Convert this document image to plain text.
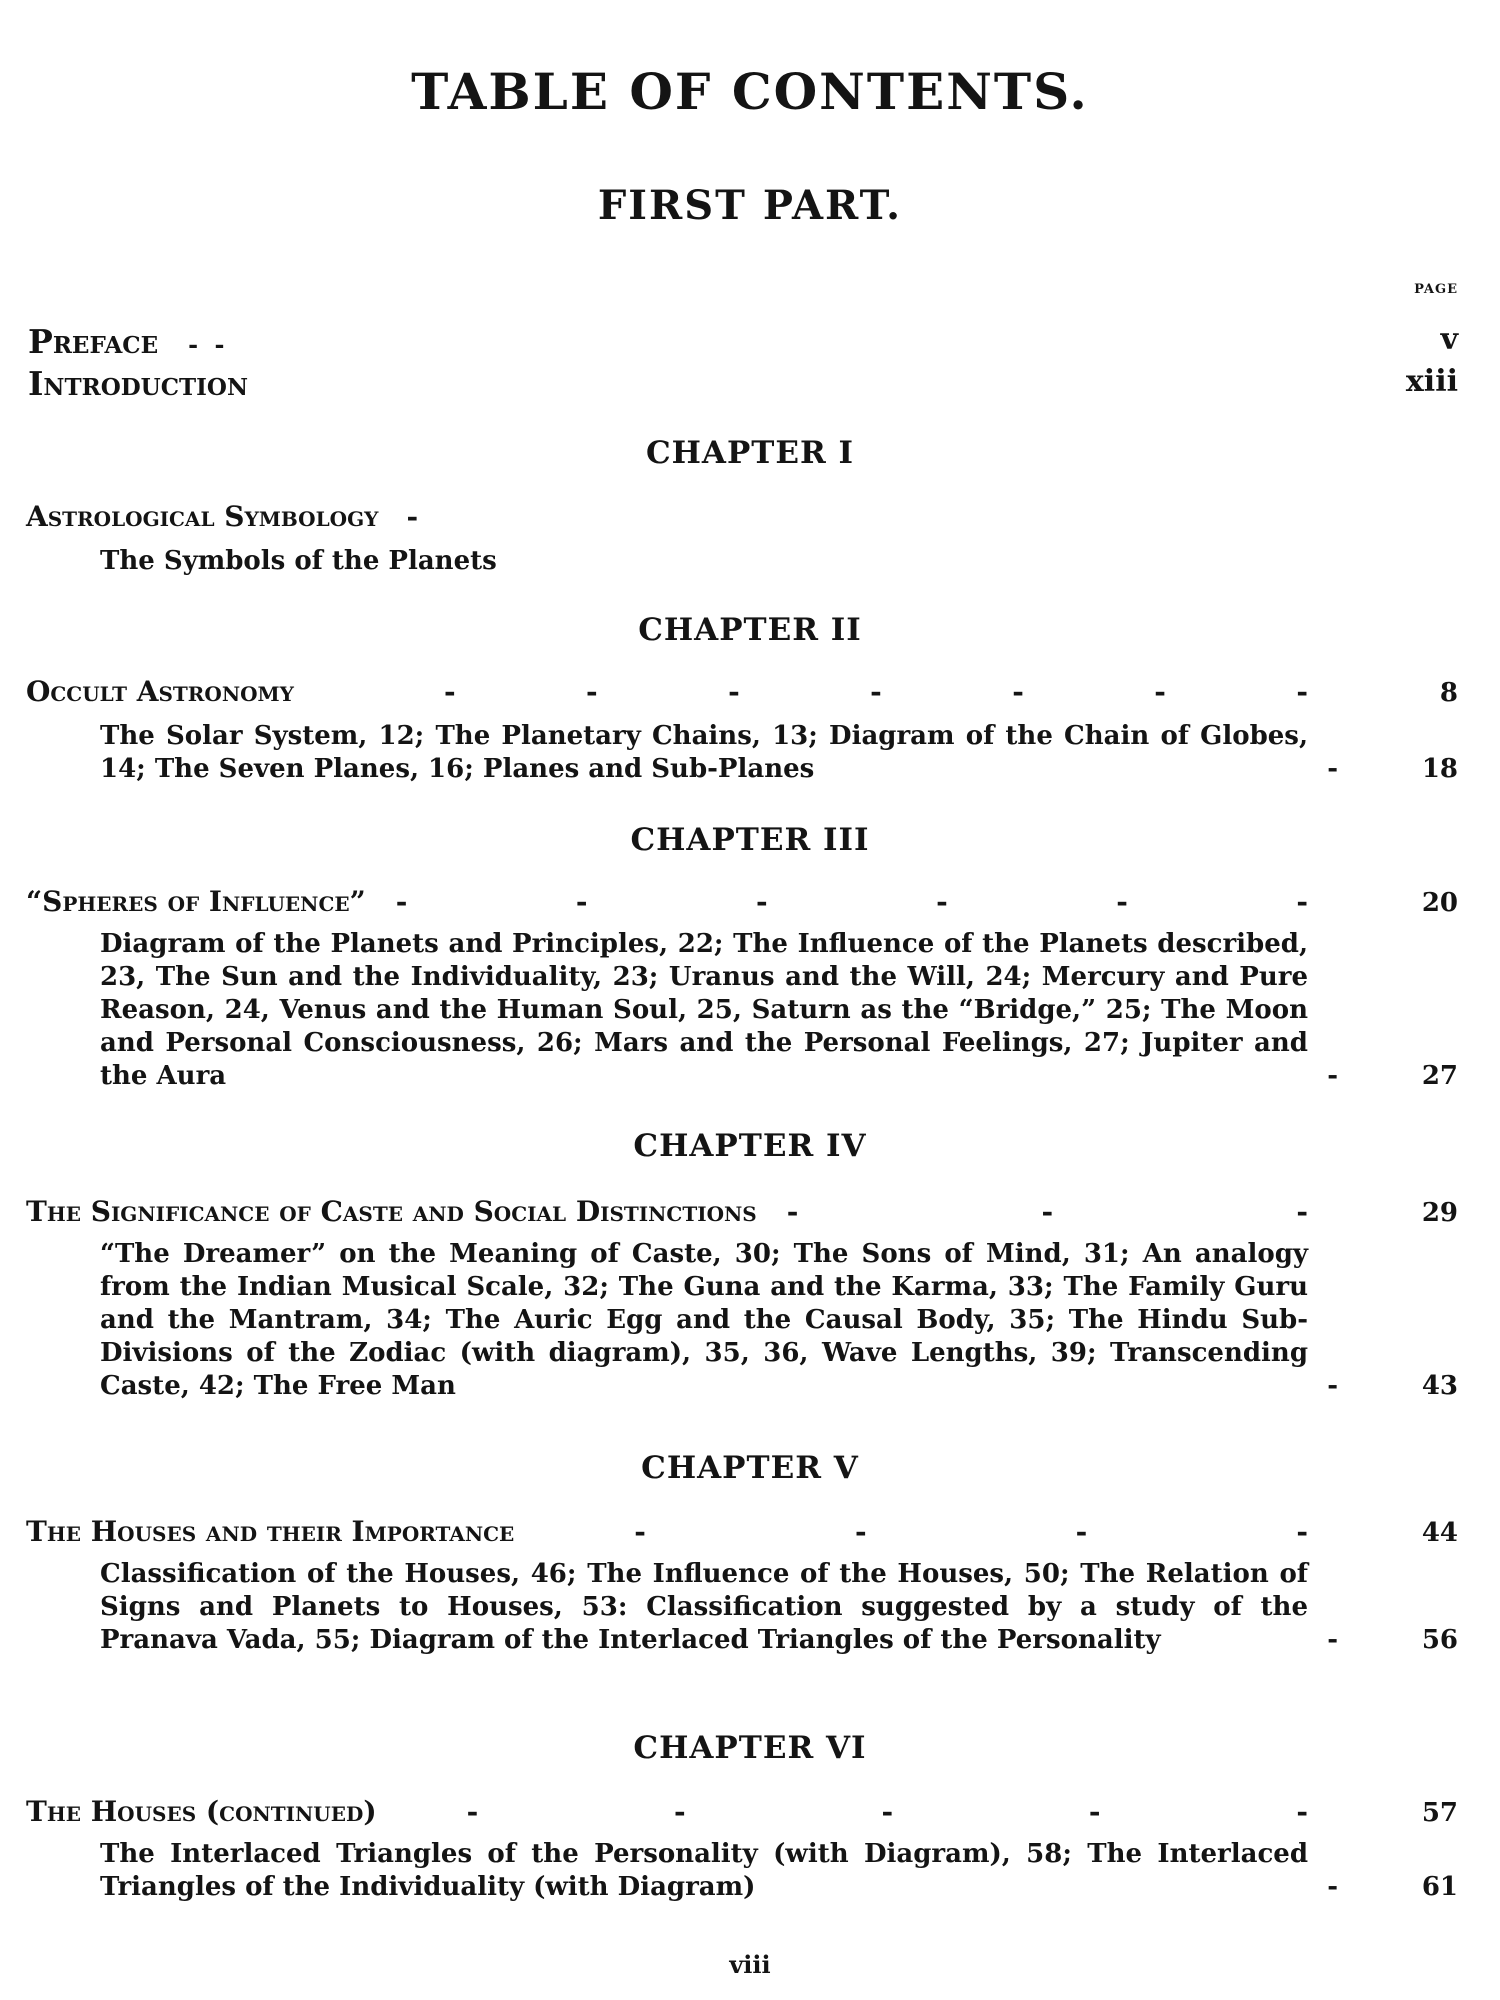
TABLE OF CONTENTS.
FIRST PART.
PAGE
Preface - -	v
Introduction	xiii
CHAPTER I
Astrological Symbology -
The Symbols of the Planets
CHAPTER II
Occult Astronomy	-	-	-	-	-	-	-	8
The Solar System, 12; The Planetary Chains, 13; Diagram of the Chain of Globes, 14; The Seven Planes, 16; Planes and Sub-Planes	-	18
CHAPTER III
“Spheres of Influence” -	-	-	-	-	-	20
Diagram of the Planets and Principles, 22; The Influence of the Planets described, 23, The Sun and the Individuality, 23; Uranus and the Will, 24; Mercury and Pure Reason, 24, Venus and the Human Soul, 25, Saturn as the “Bridge,” 25; The Moon and Personal Consciousness, 26; Mars and the Personal Feelings, 27; Jupiter and the Aura	-	27
CHAPTER IV
The Significance of Caste and Social Distinctions -	-	-	29
“The Dreamer” on the Meaning of Caste, 30; The Sons of Mind, 31; An analogy from the Indian Musical Scale, 32; The Guna and the Karma, 33; The Family Guru and the Mantram, 34; The Auric Egg and the Causal Body, 35; The Hindu Sub-Divisions of the Zodiac (with diagram), 35, 36, Wave Lengths, 39; Transcending Caste, 42; The Free Man	-	43
CHAPTER V
The Houses and their Importance	-	-	-	-	44
Classification of the Houses, 46; The Influence of the Houses, 50; The Relation of Signs and Planets to Houses, 53: Classification suggested by a study of the Pranava Vada, 55; Diagram of the Interlaced Triangles of the Personality	-	56
CHAPTER VI
The Houses (continued)	-	-	-	-	-	57
The Interlaced Triangles of the Personality (with Diagram), 58; The Interlaced Triangles of the Individuality (with Diagram)	-	61
viii
